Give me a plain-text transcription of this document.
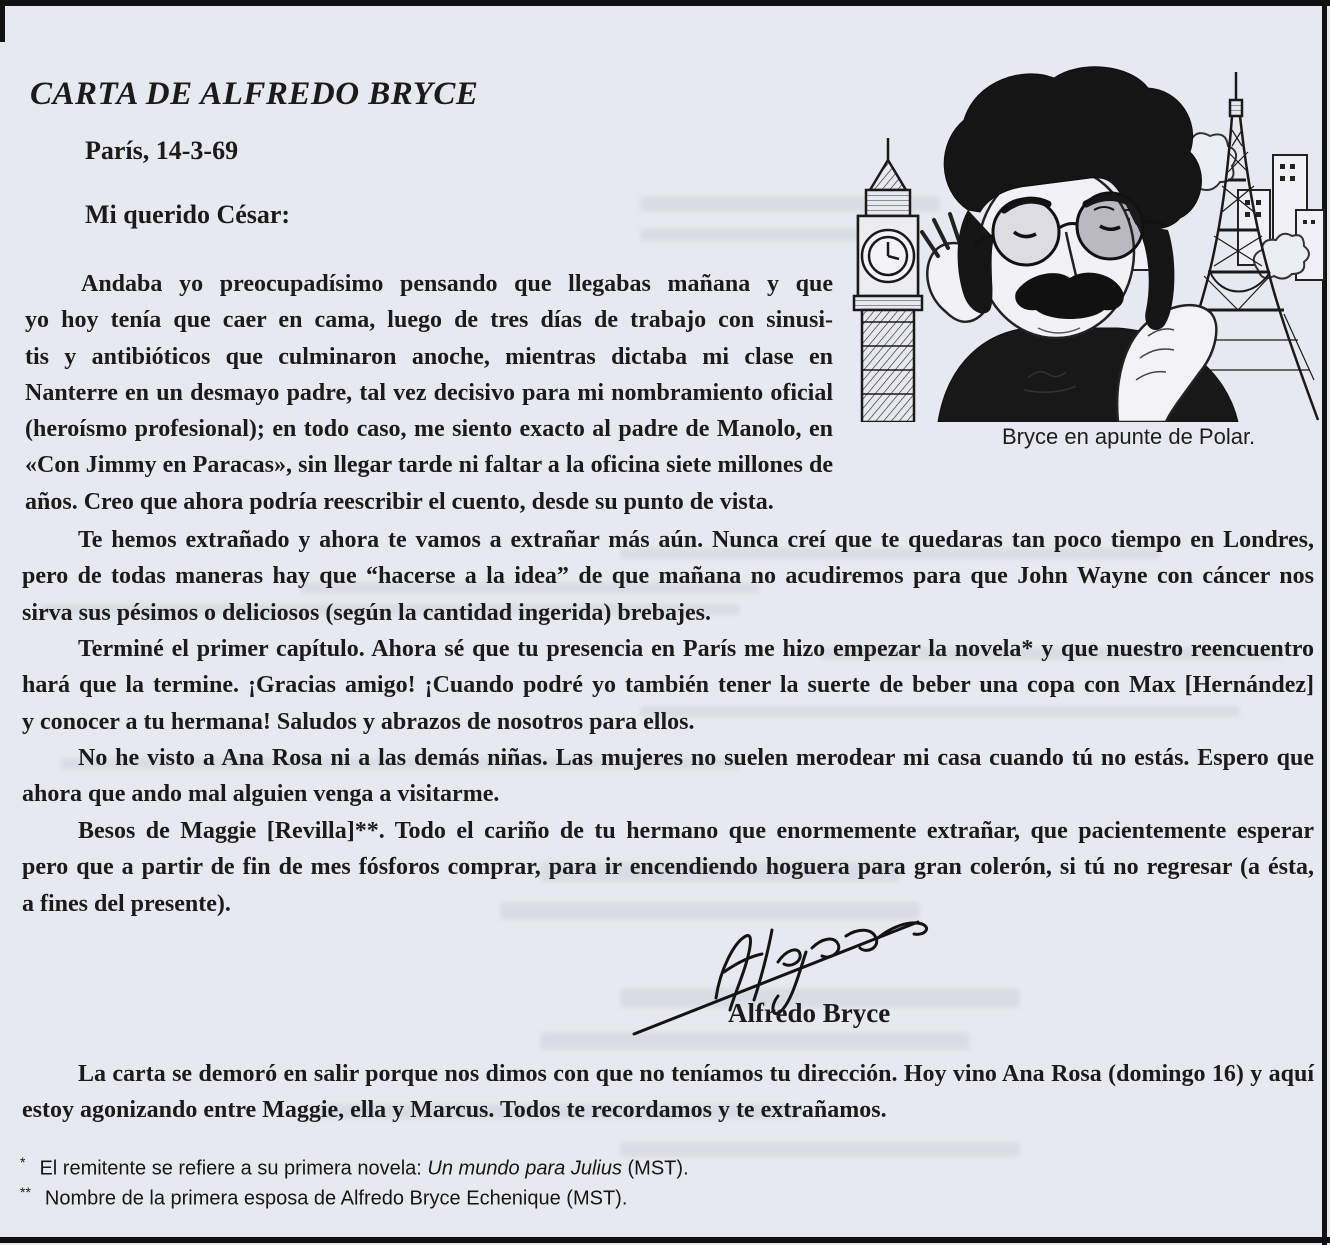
CARTA DE ALFREDO BRYCE
París, 14-3-69
Mi querido César:
Bryce en apunte de Polar.
Andaba yo preocupadísimo pensando que llegabas mañana y que
yo hoy tenía que caer en cama, luego de tres días de trabajo con sinusi-
tis y antibióticos que culminaron anoche, mientras dictaba mi clase en
Nanterre en un desmayo padre, tal vez decisivo para mi nombramiento oficial
(heroísmo profesional); en todo caso, me siento exacto al padre de Manolo, en
«Con Jimmy en Paracas», sin llegar tarde ni faltar a la oficina siete millones de
años. Creo que ahora podría reescribir el cuento, desde su punto de vista.
Te hemos extrañado y ahora te vamos a extrañar más aún. Nunca creí que te quedaras tan poco tiempo en Londres,
pero de todas maneras hay que “hacerse a la idea” de que mañana no acudiremos para que John Wayne con cáncer nos
sirva sus pésimos o deliciosos (según la cantidad ingerida) brebajes.
Terminé el primer capítulo. Ahora sé que tu presencia en París me hizo empezar la novela* y que nuestro reencuentro
hará que la termine. ¡Gracias amigo! ¡Cuando podré yo también tener la suerte de beber una copa con Max [Hernández]
y conocer a tu hermana! Saludos y abrazos de nosotros para ellos.
No he visto a Ana Rosa ni a las demás niñas. Las mujeres no suelen merodear mi casa cuando tú no estás. Espero que
ahora que ando mal alguien venga a visitarme.
Besos de Maggie [Revilla]**. Todo el cariño de tu hermano que enormemente extrañar, que pacientemente esperar
pero que a partir de fin de mes fósforos comprar, para ir encendiendo hoguera para gran colerón, si tú no regresar (a ésta,
a fines del presente).
Alfredo Bryce
La carta se demoró en salir porque nos dimos con que no teníamos tu dirección. Hoy vino Ana Rosa (domingo 16) y aquí
estoy agonizando entre Maggie, ella y Marcus. Todos te recordamos y te extrañamos.
* El remitente se refiere a su primera novela: Un mundo para Julius (MST).
** Nombre de la primera esposa de Alfredo Bryce Echenique (MST).
